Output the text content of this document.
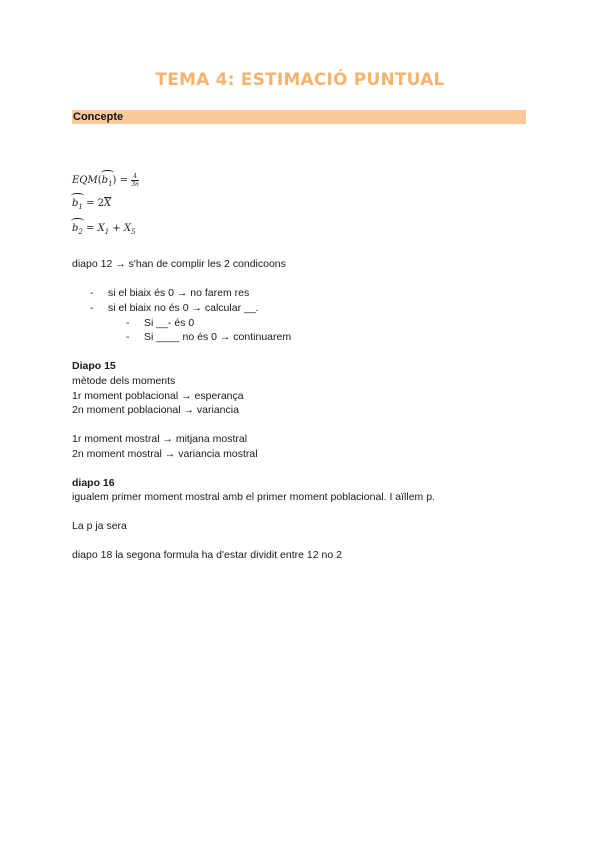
TEMA 4: ESTIMACIÓ PUNTUAL
Concepte
$EQM(b_1) = \frac{4}{3n}$
$b_1 = 2\overline{X}$
$b_2 = X_1 + X_5$
diapo 12 → s'han de complir les 2 condicoons
- si el biaix és 0 → no farem res
- si el biaix no és 0 → calcular __.
- Si __- és 0
- Si ____ no és 0 → continuarem
Diapo 15
mètode dels moments
1r moment poblacional → esperança
2n moment poblacional → variancia
1r moment mostral → mitjana mostral
2n moment mostral → variancia mostral
diapo 16
igualem primer moment mostral amb el primer moment poblacional. I aïllem p.
La p ja sera
diapo 18 la segona formula ha d'estar dividit entre 12 no 2
